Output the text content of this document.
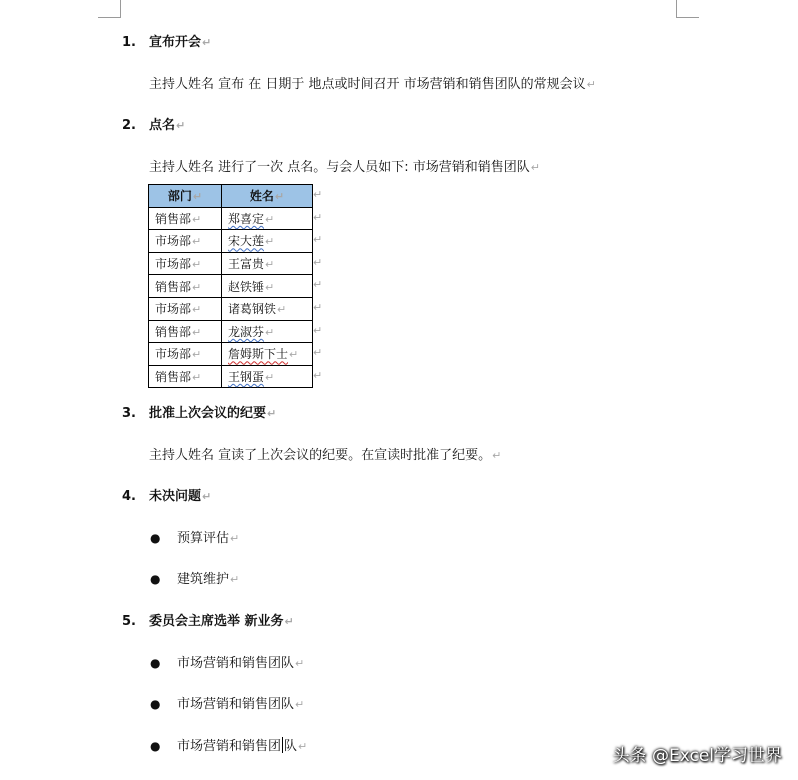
1. 宣布开会↵
主持人姓名 宣布 在 日期于 地点或时间召开 市场营销和销售团队的常规会议↵
2. 点名↵
主持人姓名 进行了一次 点名。与会人员如下: 市场营销和销售团队↵
部门↵	姓名↵
销售部↵	郑喜定↵
市场部↵	宋大莲↵
市场部↵	王富贵↵
销售部↵	赵铁锤↵
市场部↵	诸葛钢铁↵
销售部↵	龙淑芬↵
市场部↵	詹姆斯下士↵
销售部↵	王钢蛋↵
↵
↵
↵
↵
↵
↵
↵
↵
↵
3. 批准上次会议的纪要↵
主持人姓名 宣读了上次会议的纪要。在宣读时批准了纪要。↵
4. 未决问题↵
● 预算评估↵
● 建筑维护↵
5. 委员会主席选举 新业务↵
● 市场营销和销售团队↵
● 市场营销和销售团队↵
● 市场营销和销售团 队↵	头条 @Excel学习世界
